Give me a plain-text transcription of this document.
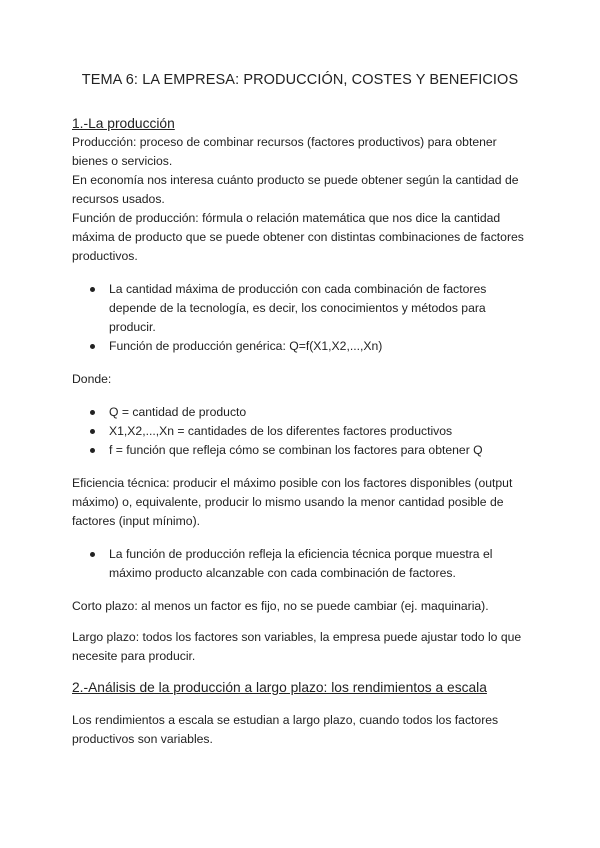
TEMA 6: LA EMPRESA: PRODUCCIÓN, COSTES Y BENEFICIOS
1.-La producción

Producción: proceso de combinar recursos (factores productivos) para obtener bienes o servicios.

En economía nos interesa cuánto producto se puede obtener según la cantidad de recursos usados.

Función de producción: fórmula o relación matemática que nos dice la cantidad máxima de producto que se puede obtener con distintas combinaciones de factores productivos.

La cantidad máxima de producción con cada combinación de factores depende de la tecnología, es decir, los conocimientos y métodos para producir.
Función de producción genérica: Q=f(X1,X2,...,Xn)

Donde:

Q = cantidad de producto
X1,X2,...,Xn = cantidades de los diferentes factores productivos
f = función que refleja cómo se combinan los factores para obtener Q

Eficiencia técnica: producir el máximo posible con los factores disponibles (output máximo) o, equivalente, producir lo mismo usando la menor cantidad posible de factores (input mínimo).

La función de producción refleja la eficiencia técnica porque muestra el máximo producto alcanzable con cada combinación de factores.

Corto plazo: al menos un factor es fijo, no se puede cambiar (ej. maquinaria).

Largo plazo: todos los factores son variables, la empresa puede ajustar todo lo que necesite para producir.

2.-Análisis de la producción a largo plazo: los rendimientos a escala

Los rendimientos a escala se estudian a largo plazo, cuando todos los factores productivos son variables.
